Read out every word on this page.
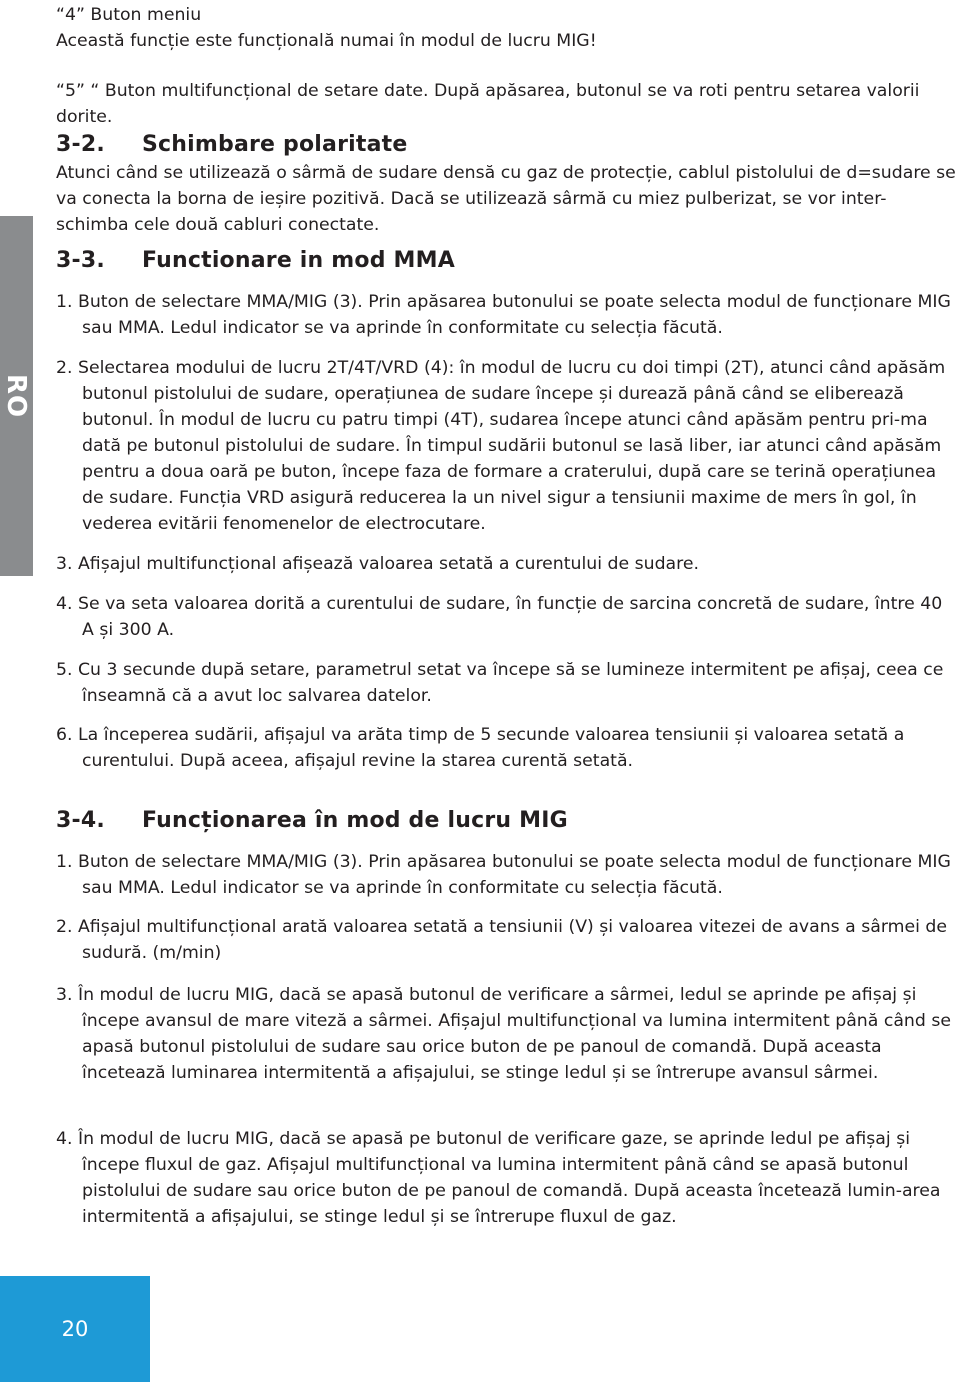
RO

“4” Buton meniu

Această funcție este funcțională numai în modul de lucru MIG!

“5” “ Buton multifuncțional de setare date. După apăsarea, butonul se va roti pentru setarea valorii dorite.

3-2. Schimbare polaritate

Atunci când se utilizează o sârmă de sudare densă cu gaz de protecție, cablul pistolului de d=sudare se va conecta la borna de ieșire pozitivă. Dacă se utilizează sârmă cu miez pulberizat, se vor inter-schimba cele două cabluri conectate.

3-3. Functionare in mod MMA

1. Buton de selectare MMA/MIG (3). Prin apăsarea butonului se poate selecta modul de funcționare MIG sau MMA. Ledul indicator se va aprinde în conformitate cu selecția făcută.

2. Selectarea modului de lucru 2T/4T/VRD (4): în modul de lucru cu doi timpi (2T), atunci când apăsăm butonul pistolului de sudare, operațiunea de sudare începe și durează până când se eliberează butonul. În modul de lucru cu patru timpi (4T), sudarea începe atunci când apăsăm pentru pri-ma dată pe butonul pistolului de sudare. În timpul sudării butonul se lasă liber, iar atunci când apăsăm pentru a doua oară pe buton, începe faza de formare a craterului, după care se terină operațiunea de sudare. Funcția VRD asigură reducerea la un nivel sigur a tensiunii maxime de mers în gol, în vederea evitării fenomenelor de electrocutare.

3. Afișajul multifuncțional afișează valoarea setată a curentului de sudare.

4. Se va seta valoarea dorită a curentului de sudare, în funcție de sarcina concretă de sudare, între 40 A și 300 A.

5. Cu 3 secunde după setare, parametrul setat va începe să se lumineze intermitent pe afișaj, ceea ce înseamnă că a avut loc salvarea datelor.

6. La începerea sudării, afișajul va arăta timp de 5 secunde valoarea tensiunii și valoarea setată a curentului. După aceea, afișajul revine la starea curentă setată.

3-4. Funcționarea în mod de lucru MIG

1. Buton de selectare MMA/MIG (3). Prin apăsarea butonului se poate selecta modul de funcționare MIG sau MMA. Ledul indicator se va aprinde în conformitate cu selecția făcută.

2. Afișajul multifuncțional arată valoarea setată a tensiunii (V) și valoarea vitezei de avans a sârmei de sudură. (m/min)

3. În modul de lucru MIG, dacă se apasă butonul de verificare a sârmei, ledul se aprinde pe afișaj și începe avansul de mare viteză a sârmei. Afișajul multifuncțional va lumina intermitent până când se apasă butonul pistolului de sudare sau orice buton de pe panoul de comandă. După aceasta încetează luminarea intermitentă a afișajului, se stinge ledul și se întrerupe avansul sârmei.

4. În modul de lucru MIG, dacă se apasă pe butonul de verificare gaze, se aprinde ledul pe afișaj și începe fluxul de gaz. Afișajul multifuncțional va lumina intermitent până când se apasă butonul pistolului de sudare sau orice buton de pe panoul de comandă. După aceasta încetează lumin-area intermitentă a afișajului, se stinge ledul și se întrerupe fluxul de gaz.

20
